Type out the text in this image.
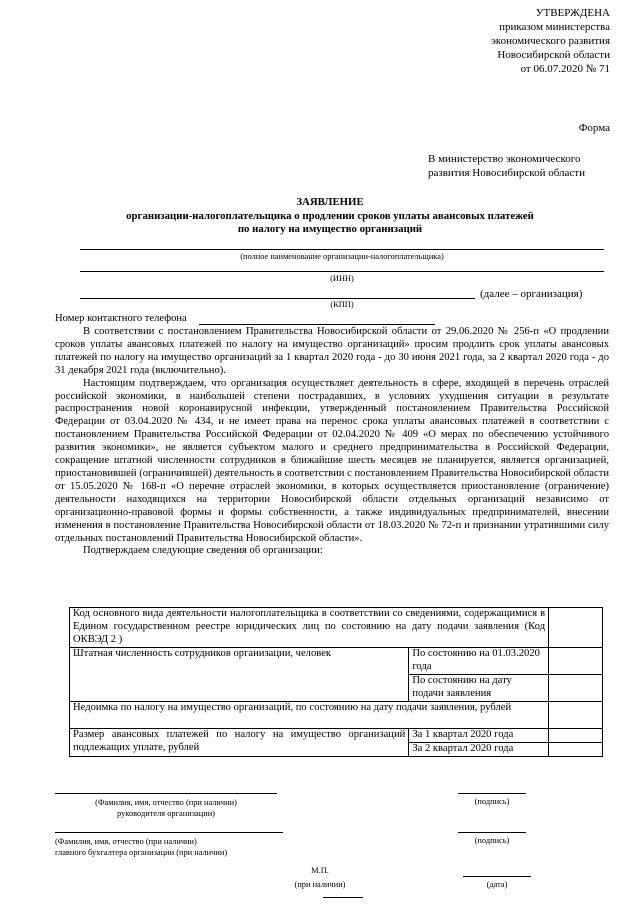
УТВЕРЖДЕНА
приказом министерства
экономического развития
Новосибирской области
от 06.07.2020 № 71
Форма
В министерство экономического
развития Новосибирской области
ЗАЯВЛЕНИЕ
организации-налогоплательщика о продлении сроков уплаты авансовых платежей
по налогу на имущество организаций
(полное наименование организации-налогоплательщика)
(ИНН)
(далее – организация)
(КПП)
Номер контактного телефона

В соответствии с постановлением Правительства Новосибирской области от 29.06.2020 № 256-п «О продлении сроков уплаты авансовых платежей по налогу на имущество организаций» просим продлить срок уплаты авансовых платежей по налогу на имущество организаций за 1 квартал 2020 года - до 30 июня 2021 года, за 2 квартал 2020 года - до 31 декабря 2021 года (включительно).

Настоящим подтверждаем, что организация осуществляет деятельность в сфере, входящей в перечень отраслей российской экономики, в наибольшей степени пострадавших, в условиях ухудшения ситуации в результате распространения новой коронавирусной инфекции, утвержденный постановлением Правительства Российской Федерации от 03.04.2020 № 434, и не имеет права на перенос срока уплаты авансовых платежей в соответствии с постановлением Правительства Российской Федерации от 02.04.2020 № 409 «О мерах по обеспечению устойчивого развития экономики», не является субъектом малого и среднего предпринимательства в Российской Федерации, сокращение штатной численности сотрудников в ближайшие шесть месяцев не планируется, является организацией, приостановившей (ограничившей) деятельность в соответствии с постановлением Правительства Новосибирской области от 15.05.2020 № 168-п «О перечне отраслей экономики, в которых осуществляется приостановление (ограничение) деятельности находящихся на территории Новосибирской области отдельных организаций независимо от организационно-правовой формы и формы собственности, а также индивидуальных предпринимателей, внесении изменения в постановление Правительства Новосибирской области от 18.03.2020 № 72-п и признании утратившими силу отдельных постановлений Правительства Новосибирской области».

Подтверждаем следующие сведения об организации:

Код основного вида деятельности налогоплательщика в соответствии со сведениями, содержащимися в Едином государственном реестре юридических лиц по состоянию на дату подачи заявления (Код ОКВЭД 2 )		
Штатная численность сотрудников организации, человек	По состоянию на 01.03.2020 года	
	По состоянию на дату подачи заявления	
Недоимка по налогу на имущество организаций, по состоянию на дату подачи заявления, рублей		
Размер авансовых платежей по налогу на имущество организаций подлежащих уплате, рублей	За 1 квартал 2020 года	
	За 2 квартал 2020 года	
(Фамилия, имя, отчество (при наличии)
руководителя организации)
(подпись)
(Фамилия, имя, отчество (при наличии)
главного бухгалтера организации (при наличии)
(подпись)
М.П.
(при наличии)	(дата)
